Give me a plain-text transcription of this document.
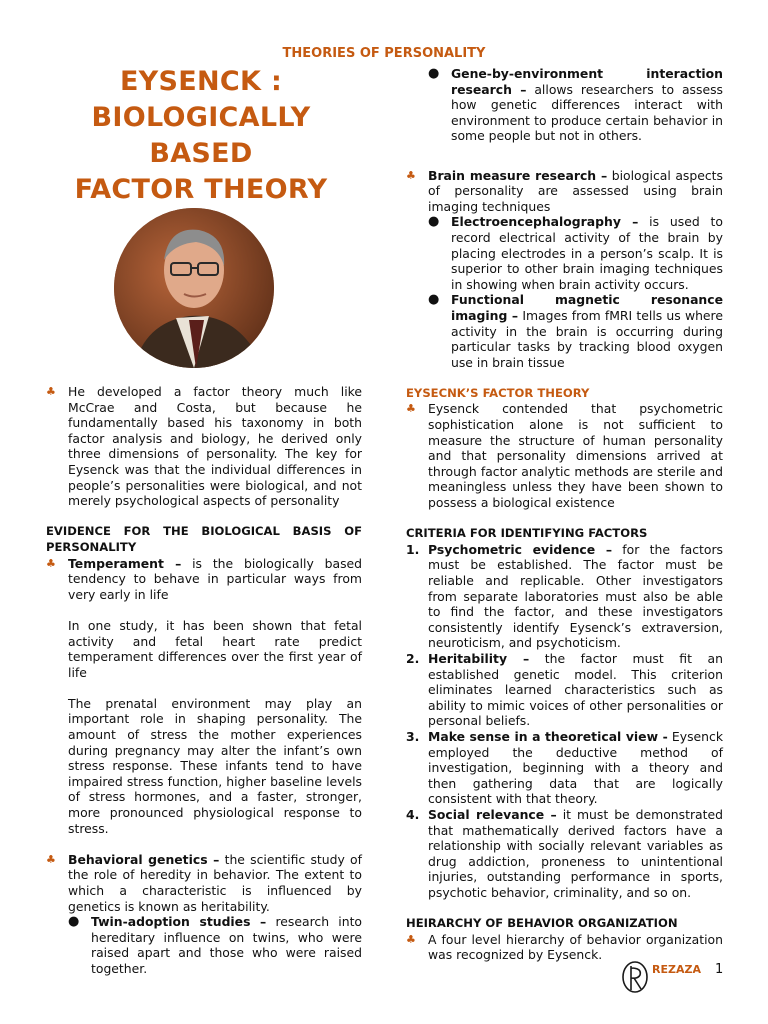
THEORIES OF PERSONALITY
EYSENCK :
BIOLOGICALLY BASED
FACTOR THEORY
♣ He developed a factor theory much like McCrae and Costa, but because he fundamentally based his taxonomy in both factor analysis and biology, he derived only three dimensions of personality. The key for Eysenck was that the individual differences in people’s personalities were biological, and not merely psychological aspects of personality

EVIDENCE FOR THE BIOLOGICAL BASIS OF PERSONALITY

♣ Temperament – is the biologically based tendency to behave in particular ways from very early in life

In one study, it has been shown that fetal activity and fetal heart rate predict temperament differences over the first year of life

The prenatal environment may play an important role in shaping personality. The amount of stress the mother experiences during pregnancy may alter the infant’s own stress response. These infants tend to have impaired stress function, higher baseline levels of stress hormones, and a faster, stronger, more pronounced physiological response to stress.

♣ Behavioral genetics – the scientific study of the role of heredity in behavior. The extent to which a characteristic is influenced by genetics is known as heritability.

● Twin-adoption studies – research into hereditary influence on twins, who were raised apart and those who were raised together.

● Gene-by-environment interaction research – allows researchers to assess how genetic differences interact with environment to produce certain behavior in some people but not in others.

♣ Brain measure research – biological aspects of personality are assessed using brain imaging techniques

● Electroencephalography – is used to record electrical activity of the brain by placing electrodes in a person’s scalp. It is superior to other brain imaging techniques in showing when brain activity occurs.

● Functional magnetic resonance imaging – Images from fMRI tells us where activity in the brain is occurring during particular tasks by tracking blood oxygen use in brain tissue

EYSECNK’S FACTOR THEORY

♣ Eysenck contended that psychometric sophistication alone is not sufficient to measure the structure of human personality and that personality dimensions arrived at through factor analytic methods are sterile and meaningless unless they have been shown to possess a biological existence

CRITERIA FOR IDENTIFYING FACTORS

1. Psychometric evidence – for the factors must be established. The factor must be reliable and replicable. Other investigators from separate laboratories must also be able to find the factor, and these investigators consistently identify Eysenck’s extraversion, neuroticism, and psychoticism.

2. Heritability – the factor must fit an established genetic model. This criterion eliminates learned characteristics such as ability to mimic voices of other personalities or personal beliefs.

3. Make sense in a theoretical view - Eysenck employed the deductive method of investigation, beginning with a theory and then gathering data that are logically consistent with that theory.

4. Social relevance – it must be demonstrated that mathematically derived factors have a relationship with socially relevant variables as drug addiction, proneness to unintentional injuries, outstanding performance in sports, psychotic behavior, criminality, and so on.

HEIRARCHY OF BEHAVIOR ORGANIZATION

♣ A four level hierarchy of behavior organization was recognized by Eysenck.

REZAZA 1
